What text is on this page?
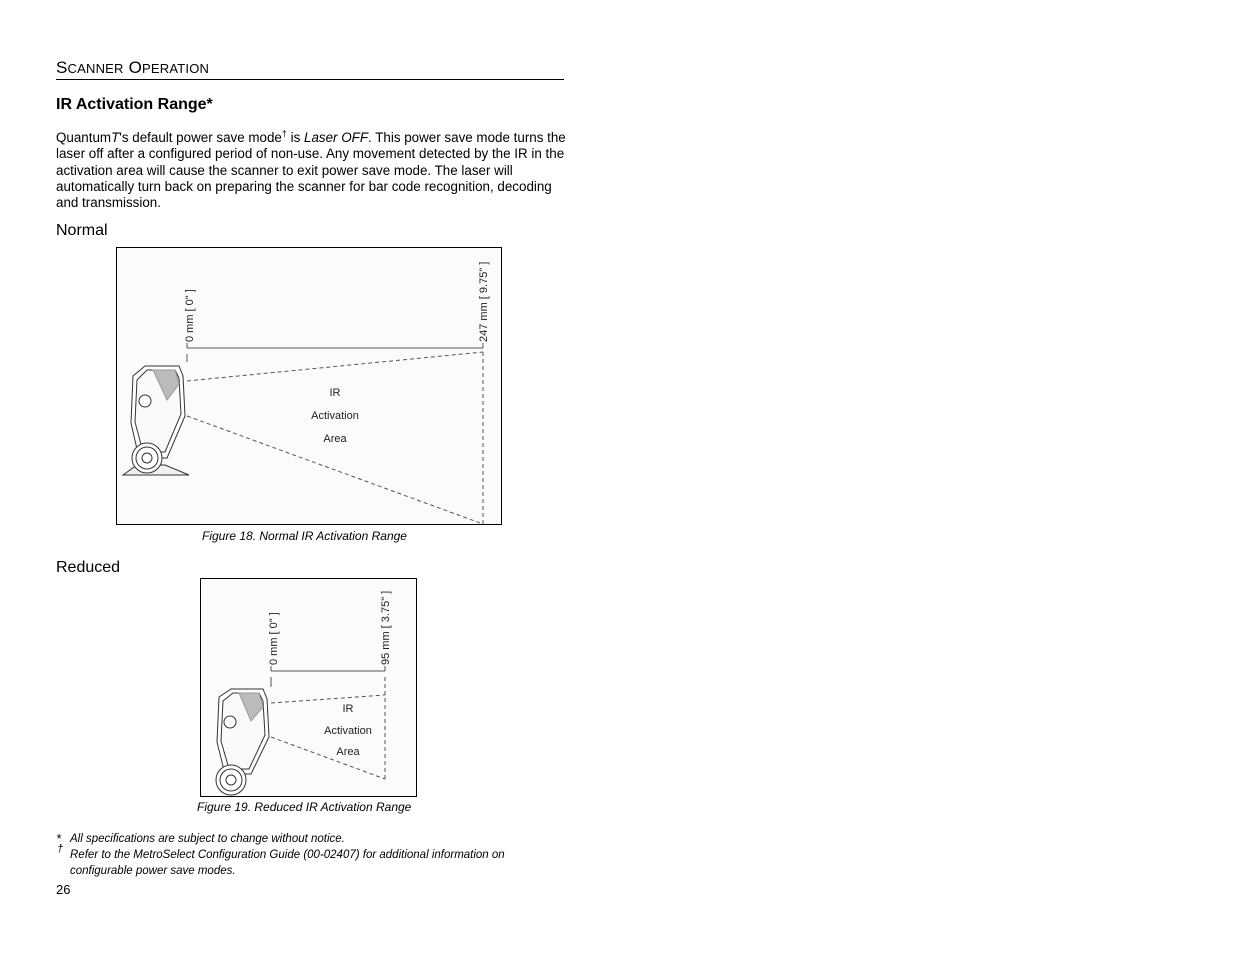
SCANNER OPERATION
IR Activation Range*
QuantumT's default power save mode† is Laser OFF. This power save mode turns the laser off after a configured period of non-use. Any movement detected by the IR in the activation area will cause the scanner to exit power save mode. The laser will automatically turn back on preparing the scanner for bar code recognition, decoding and transmission.
Normal
0 mm [ 0" ]	247 mm [ 9.75" ]
IR
Activation
Area
Figure 18. Normal IR Activation Range
Reduced
0 mm [ 0" ]	95 mm [ 3.75" ]
IR
Activation
Area
Figure 19. Reduced IR Activation Range
* All specifications are subject to change without notice.
† Refer to the MetroSelect Configuration Guide (00-02407) for additional information on configurable power save modes.
26
